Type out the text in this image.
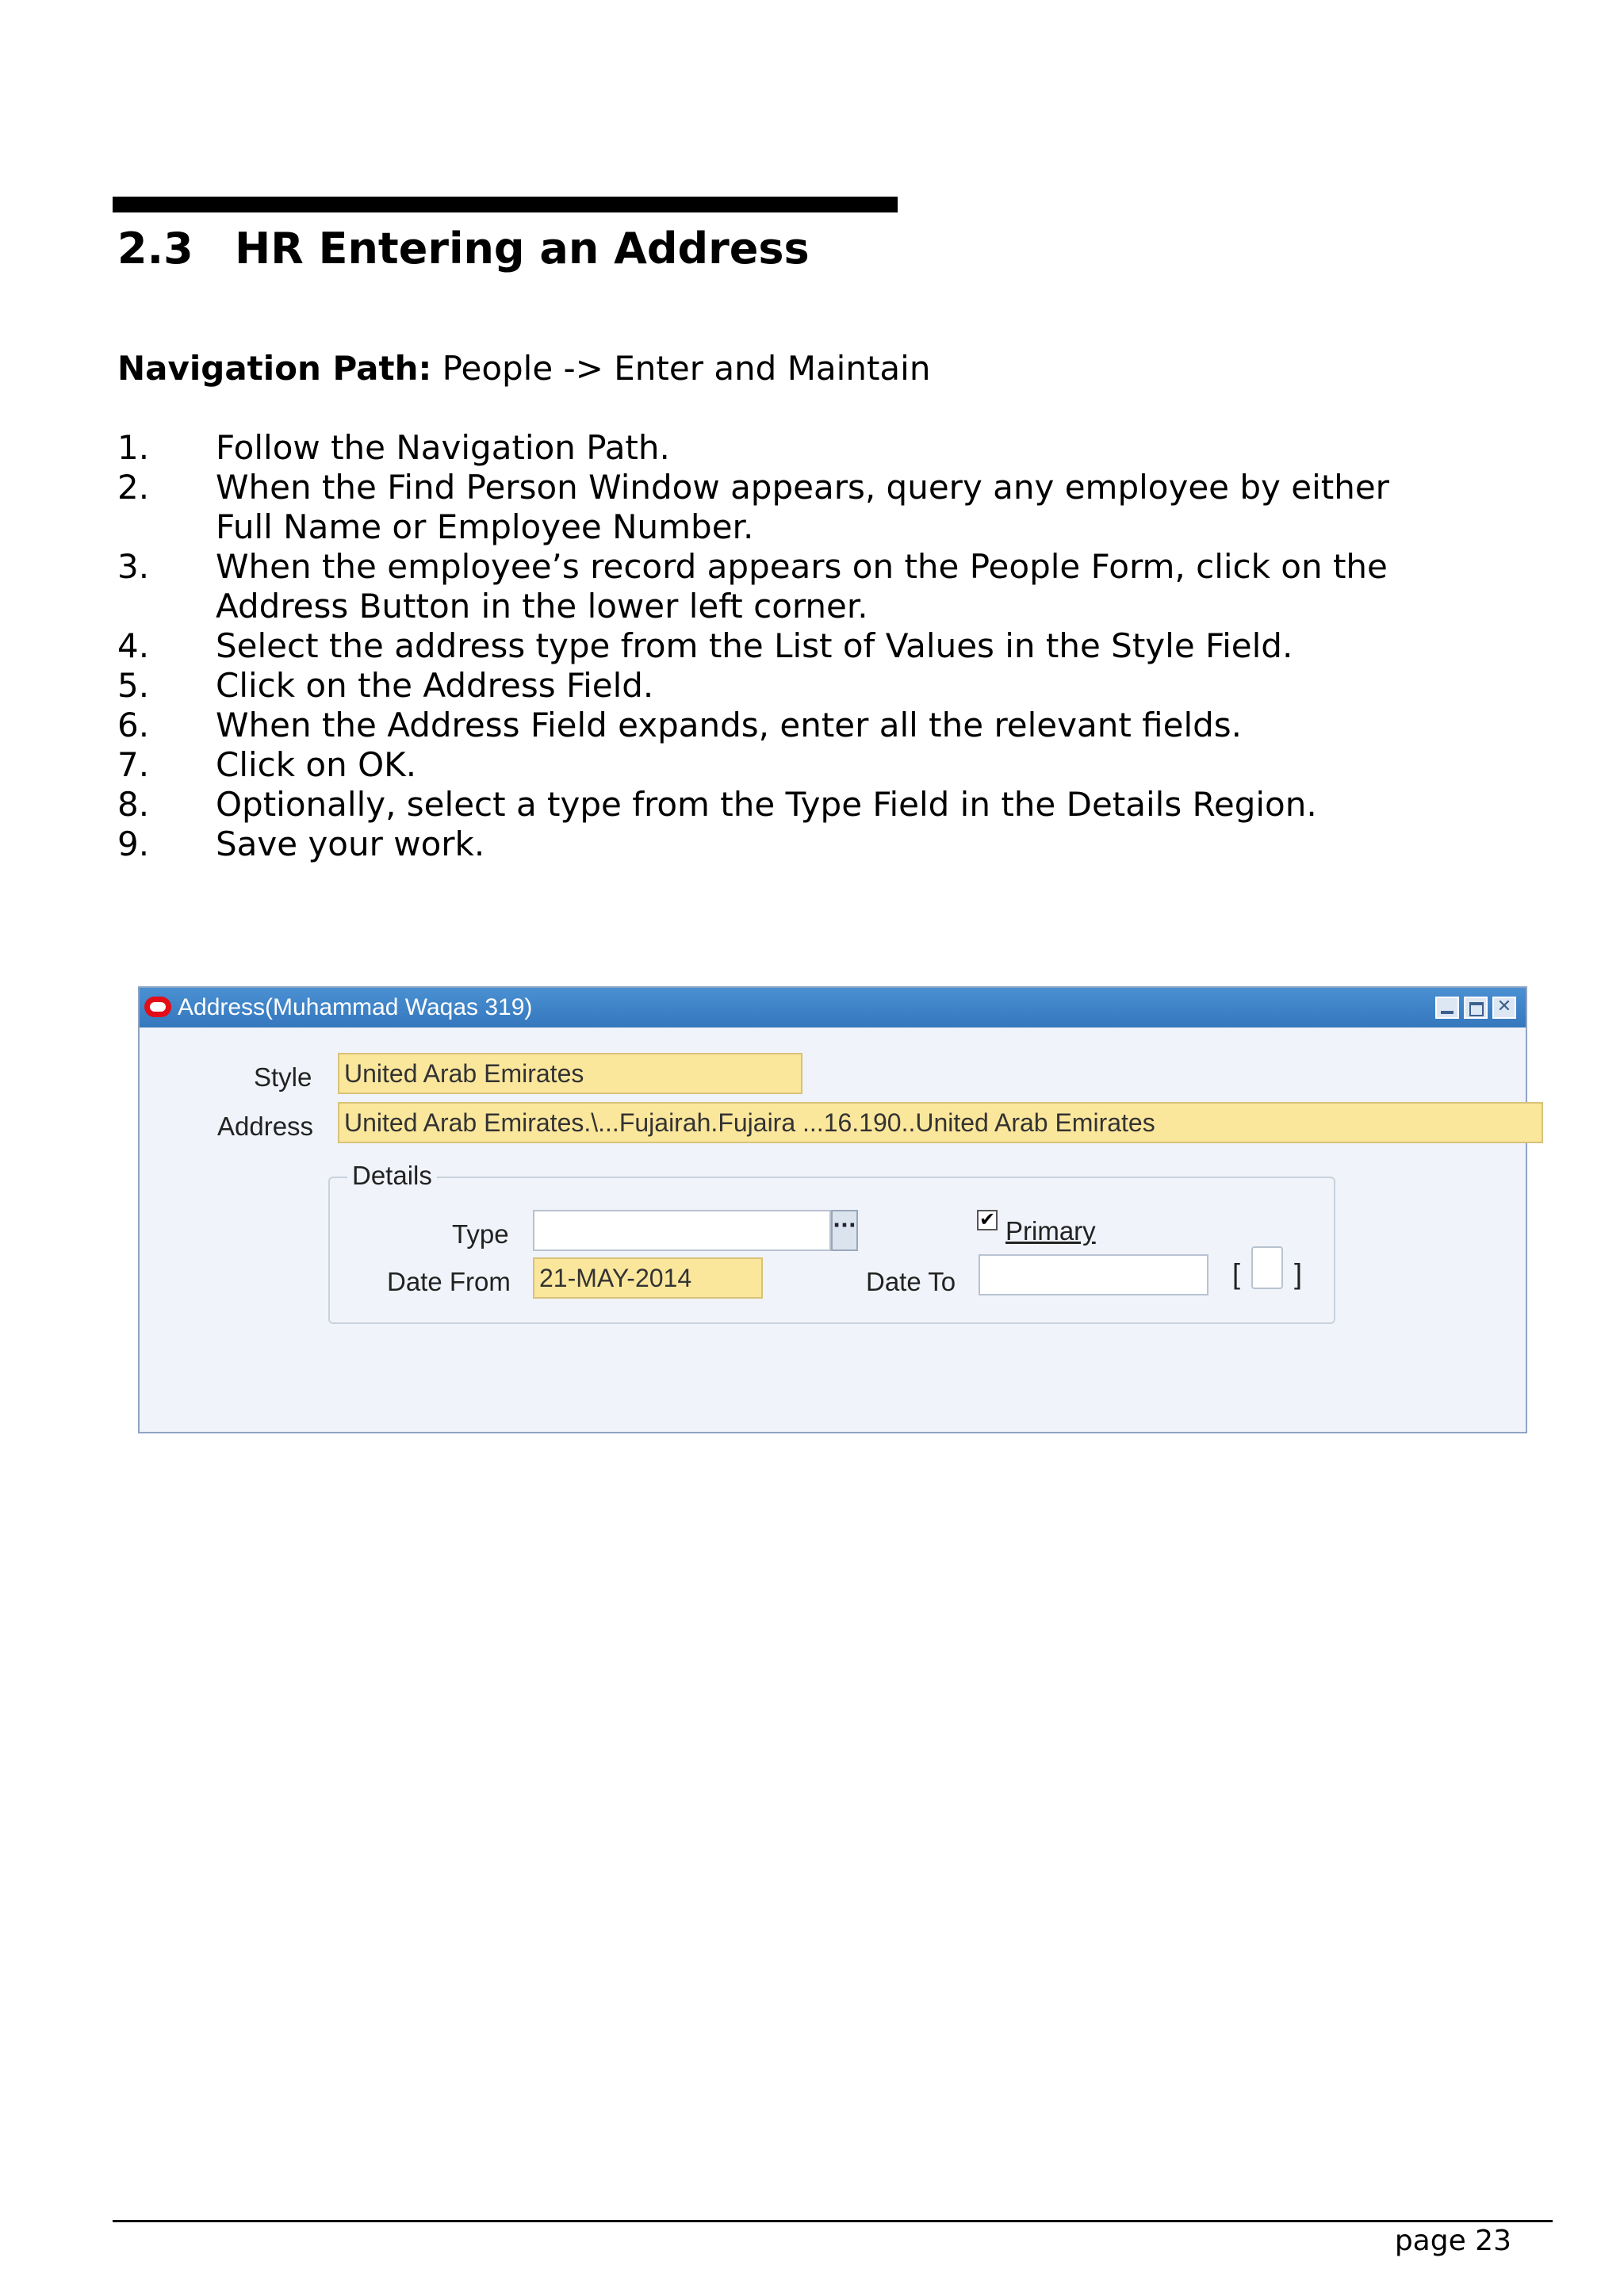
2.3 HR Entering an Address
Navigation Path: People -> Enter and Maintain
1. Follow the Navigation Path.
2. When the Find Person Window appears, query any employee by either Full Name or Employee Number.
3. When the employee’s record appears on the People Form, click on the Address Button in the lower left corner.
4. Select the address type from the List of Values in the Style Field.
5. Click on the Address Field.
6. When the Address Field expands, enter all the relevant fields.
7. Click on OK.
8. Optionally, select a type from the Type Field in the Details Region.
9. Save your work.
Address(Muhammad Waqas 319)	✕
Style United Arab Emirates
Address United Arab Emirates.\...Fujairah.Fujaira ...16.190..United Arab Emirates
Details
Type	···	✔ Primary
Date From 21-MAY-2014	Date To	[ ]
page 23
